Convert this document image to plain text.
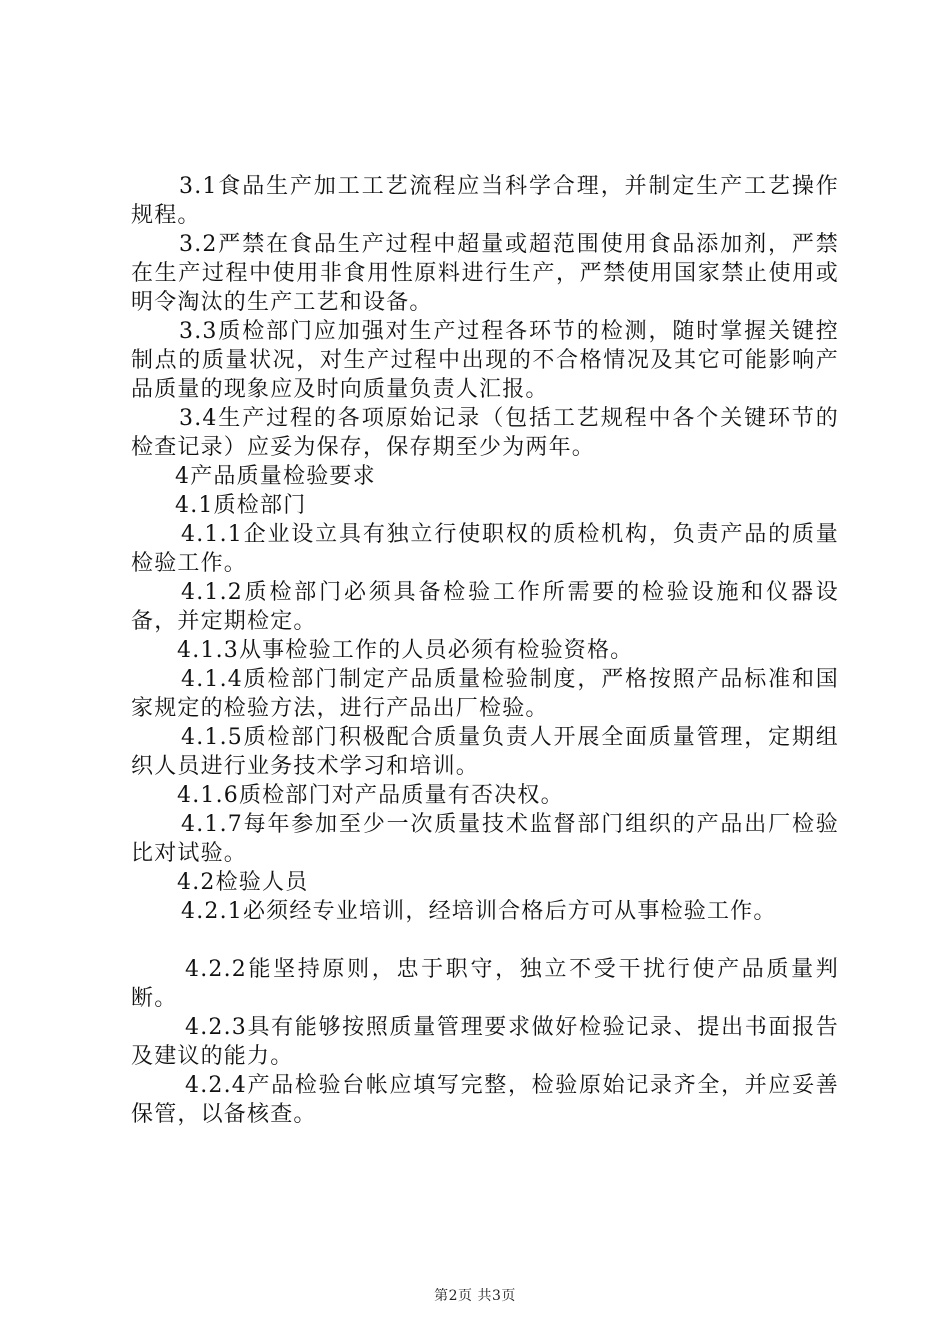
3.1食品生产加工工艺流程应当科学合理，并制定生产工艺操作规程。

3.2严禁在食品生产过程中超量或超范围使用食品添加剂，严禁在生产过程中使用非食用性原料进行生产，严禁使用国家禁止使用或明令淘汰的生产工艺和设备。

3.3质检部门应加强对生产过程各环节的检测，随时掌握关键控制点的质量状况，对生产过程中出现的不合格情况及其它可能影响产品质量的现象应及时向质量负责人汇报。

3.4生产过程的各项原始记录（包括工艺规程中各个关键环节的检查记录）应妥为保存，保存期至少为两年。

4产品质量检验要求

4.1质检部门

4.1.1企业设立具有独立行使职权的质检机构，负责产品的质量检验工作。

4.1.2质检部门必须具备检验工作所需要的检验设施和仪器设备，并定期检定。

4.1.3从事检验工作的人员必须有检验资格。

4.1.4质检部门制定产品质量检验制度，严格按照产品标准和国家规定的检验方法，进行产品出厂检验。

4.1.5质检部门积极配合质量负责人开展全面质量管理，定期组织人员进行业务技术学习和培训。

4.1.6质检部门对产品质量有否决权。

4.1.7每年参加至少一次质量技术监督部门组织的产品出厂检验比对试验。

4.2检验人员

4.2.1必须经专业培训，经培训合格后方可从事检验工作。

4.2.2能坚持原则，忠于职守，独立不受干扰行使产品质量判断。

4.2.3具有能够按照质量管理要求做好检验记录、提出书面报告及建议的能力。

4.2.4产品检验台帐应填写完整，检验原始记录齐全，并应妥善保管，以备核查。

第2页 共3页
